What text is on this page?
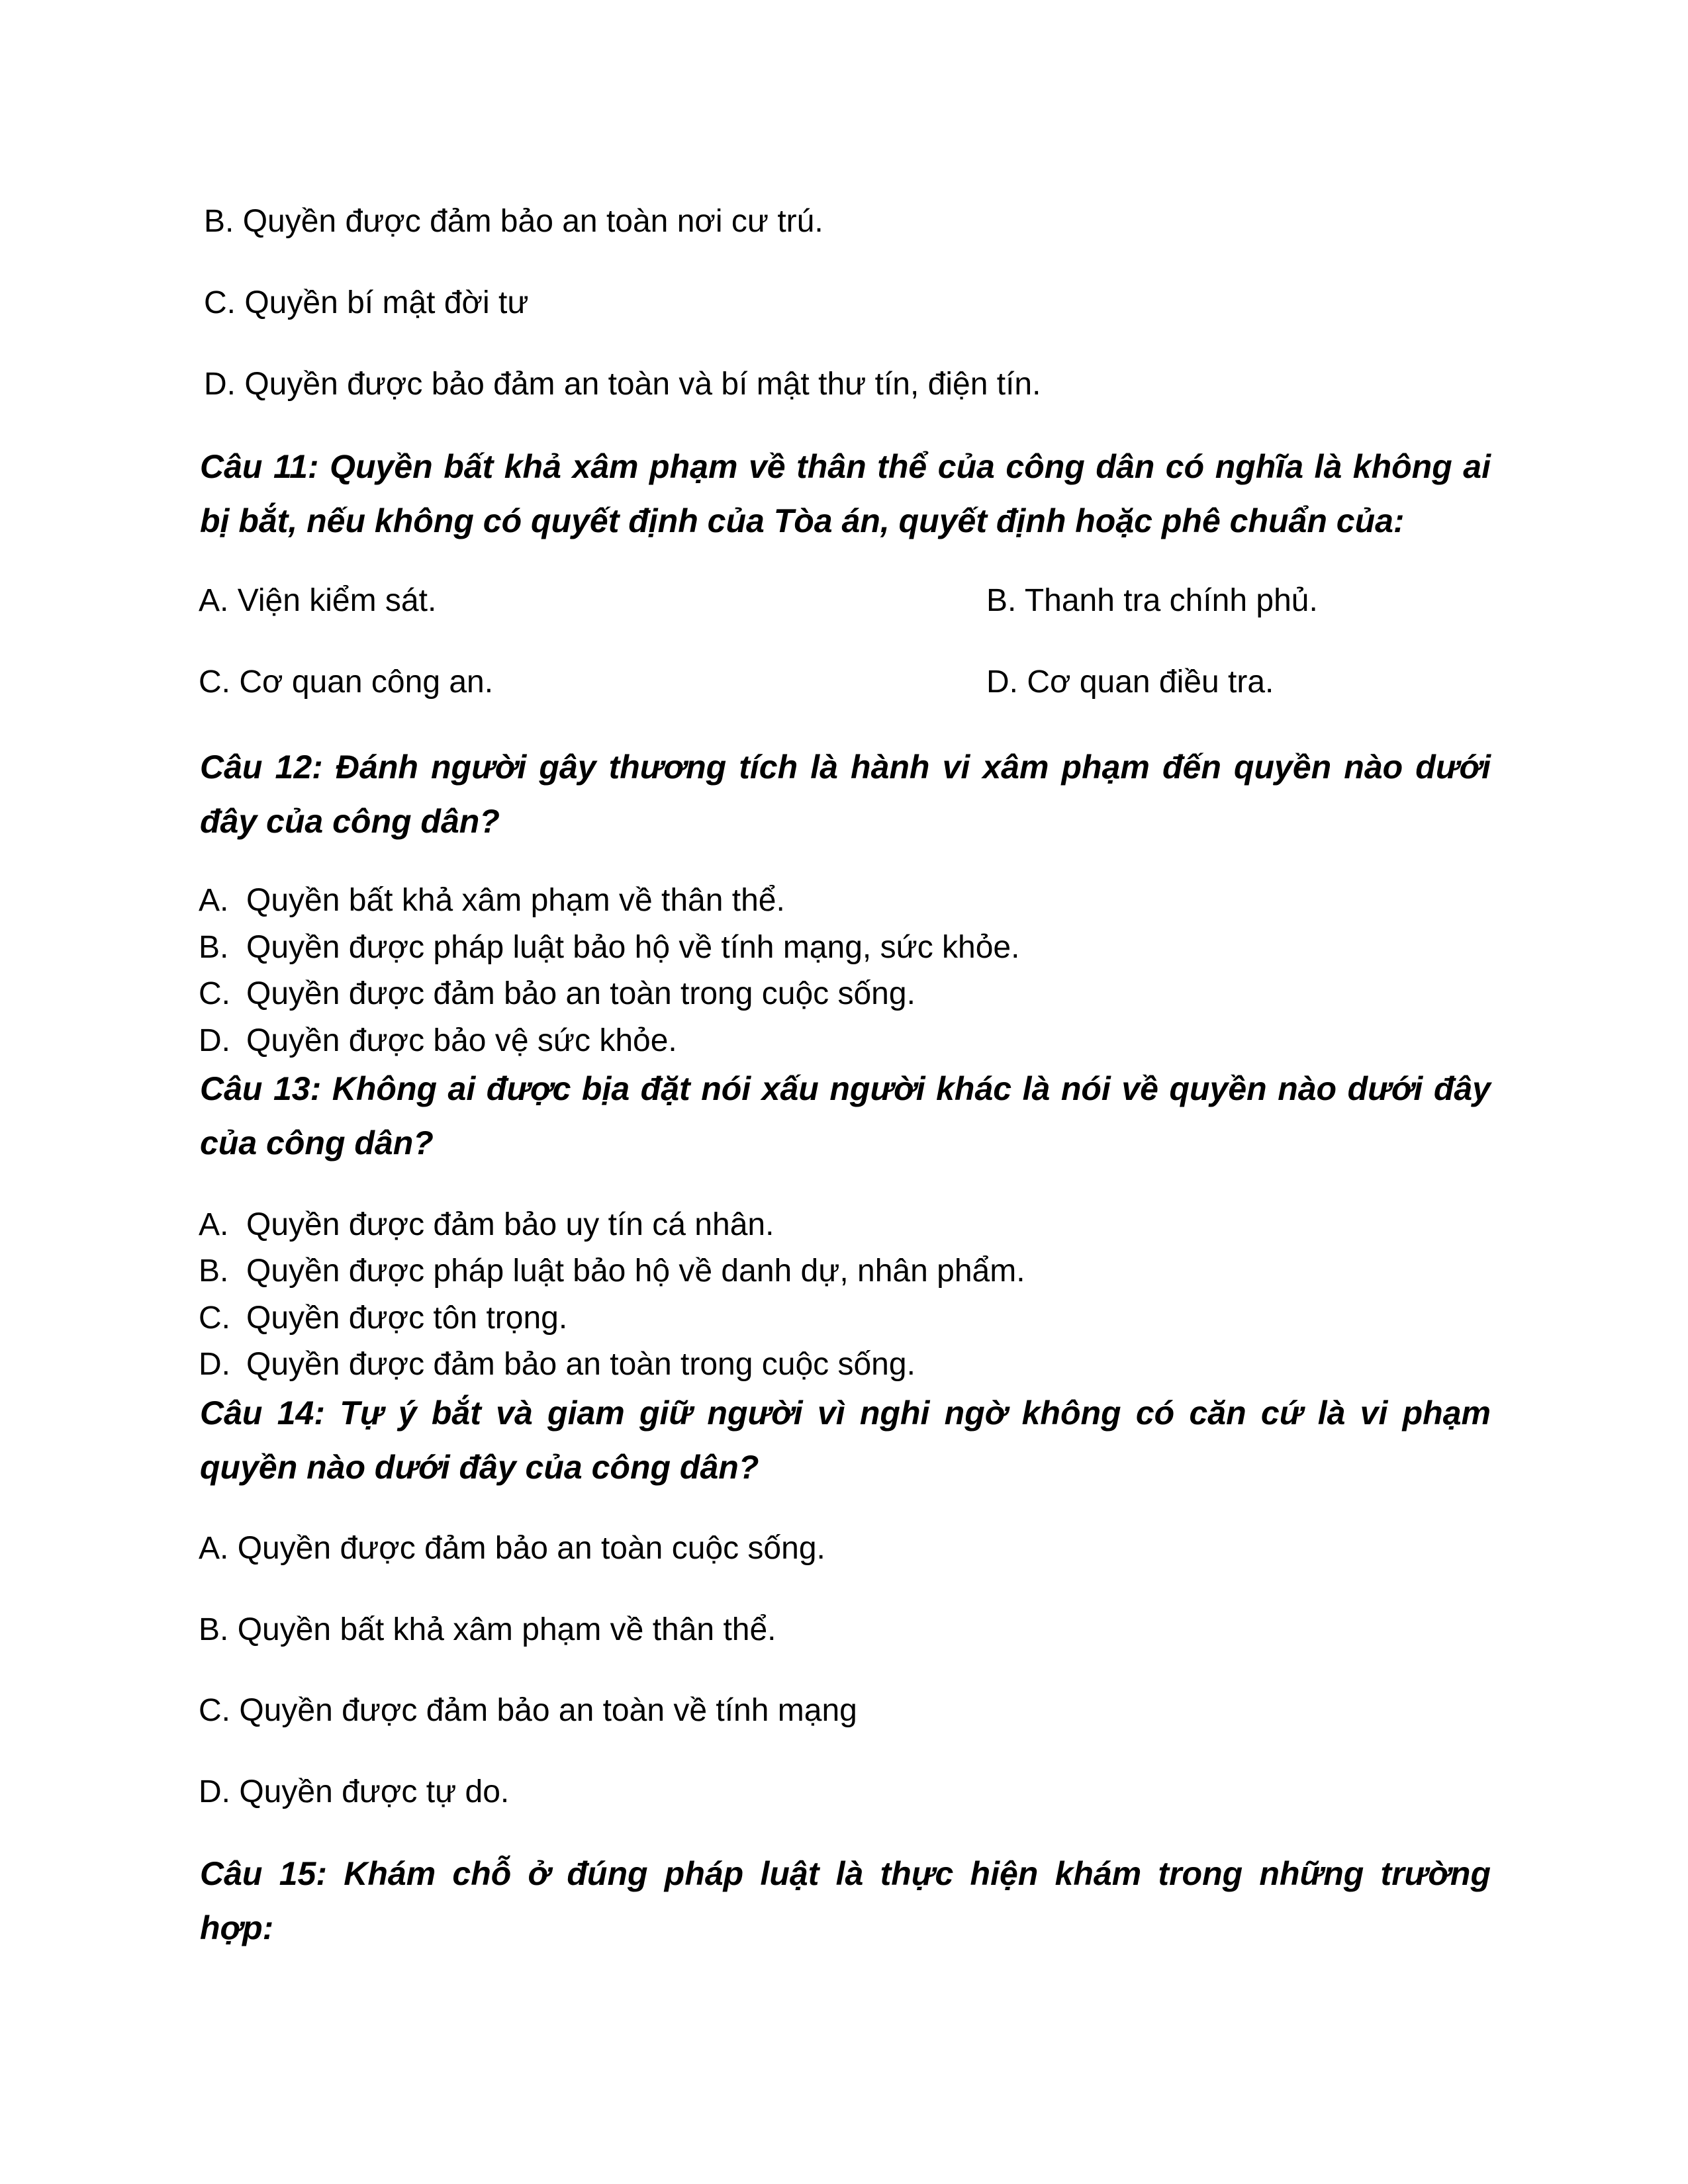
B. Quyền được đảm bảo an toàn nơi cư trú.
C. Quyền bí mật đời tư
D. Quyền được bảo đảm an toàn và bí mật thư tín, điện tín.
Câu 11: Quyền bất khả xâm phạm về thân thể của công dân có nghĩa là không ai
bị bắt, nếu không có quyết định của Tòa án, quyết định hoặc phê chuẩn của:
A. Viện kiểm sát.	B. Thanh tra chính phủ.
C. Cơ quan công an.	D. Cơ quan điều tra.
Câu 12: Đánh người gây thương tích là hành vi xâm phạm đến quyền nào dưới
đây của công dân?
A. Quyền bất khả xâm phạm về thân thể.
B. Quyền được pháp luật bảo hộ về tính mạng, sức khỏe.
C. Quyền được đảm bảo an toàn trong cuộc sống.
D. Quyền được bảo vệ sức khỏe.
Câu 13: Không ai được bịa đặt nói xấu người khác là nói về quyền nào dưới đây
của công dân?
A. Quyền được đảm bảo uy tín cá nhân.
B. Quyền được pháp luật bảo hộ về danh dự, nhân phẩm.
C. Quyền được tôn trọng.
D. Quyền được đảm bảo an toàn trong cuộc sống.
Câu 14: Tự ý bắt và giam giữ người vì nghi ngờ không có căn cứ là vi phạm
quyền nào dưới đây của công dân?
A. Quyền được đảm bảo an toàn cuộc sống.
B. Quyền bất khả xâm phạm về thân thể.
C. Quyền được đảm bảo an toàn về tính mạng
D. Quyền được tự do.
Câu 15: Khám chỗ ở đúng pháp luật là thực hiện khám trong những trường
hợp:
